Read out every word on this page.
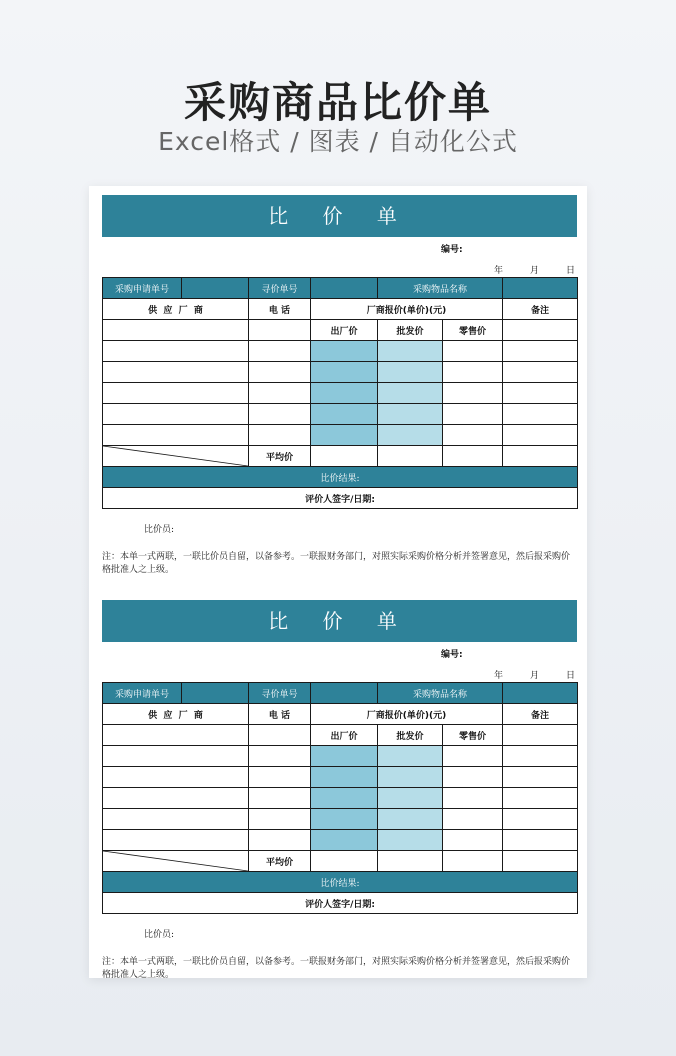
采购商品比价单
Excel格式 / 图表 / 自动化公式
比 价 单
编号:
年	月	日
采购申请单号		寻价单号		采购物品名称		
供  应  厂  商		电 话	厂商报价(单价)(元)			备注
			出厂价	批发价	零售价	

	平均价				
比价结果:						
评价人签字/日期:						
比价员:
注：本单一式两联，一联比价员自留，以备参考。一联报财务部门，对照实际采购价格分析并签署意见，然后报采购价格批准人之上级。
比 价 单
编号:
年	月	日
采购申请单号		寻价单号		采购物品名称		
供  应  厂  商		电 话	厂商报价(单价)(元)			备注
			出厂价	批发价	零售价	

	平均价				
比价结果:						
评价人签字/日期:						
比价员:
注：本单一式两联，一联比价员自留，以备参考。一联报财务部门，对照实际采购价格分析并签署意见，然后报采购价格批准人之上级。
